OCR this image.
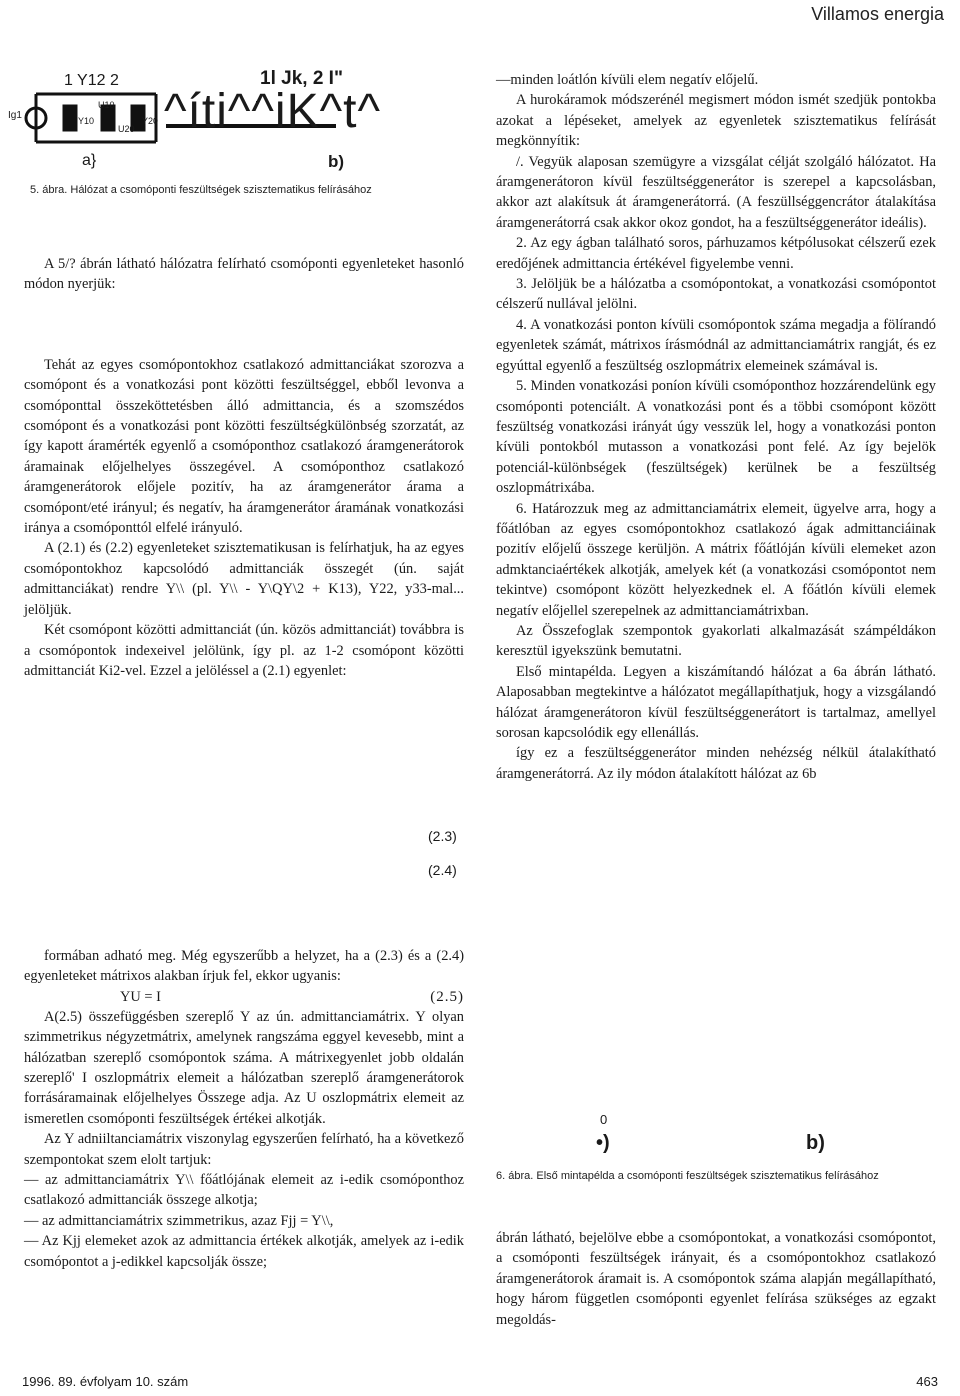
Villamos energia
1 Y12 2	1l Jk, 2 I"
^íti^^iK^t^
Ig1	Y10
U10
U20
Y20
a}	b)
5. ábra. Hálózat a csomóponti feszültségek szisztematikus felírásához

A 5/? ábrán látható hálózatra felírható csomóponti egyenleteket hasonló módon nyerjük:

Tehát az egyes csomópontokhoz csatlakozó admittanciákat szorozva a csomópont és a vonatkozási pont közötti feszültséggel, ebből levonva a csomóponttal összeköttetésben álló admittancia, és a szomszédos csomópont és a vonatkozási pont közötti feszültségkülönbség szorzatát, az így kapott áramérték egyenlő a csomóponthoz csatlakozó áramgenerátorok áramainak előjelhelyes összegével. A csomóponthoz csatlakozó áramgenerátorok előjele pozitív, ha az áramgenerátor árama a csomópont/eté irányul; és negatív, ha áramgenerátor áramának vonatkozási iránya a csomóponttól elfelé irányuló.

A (2.1) és (2.2) egyenleteket szisztematikusan is felírhatjuk, ha az egyes csomópontokhoz kapcsolódó admittanciák összegét (ún. saját admittanciákat) rendre Y\\ (pl. Y\\ - Y\QY\2 + K13), Y22, y33-mal... jelöljük.

Két csomópont közötti admittanciát (ún. közös admittanciát) továbbra is a csomópontok indexeivel jelölünk, így pl. az 1-2 csomópont közötti admittanciát Ki2-vel. Ezzel a jelöléssel a (2.1) egyenlet:

(2.3)
(2.4)

formában adható meg. Még egyszerűbb a helyzet, ha a (2.3) és a (2.4) egyenleteket mátrixos alakban írjuk fel, ekkor ugyanis:

YU = I	(2.5)

A(2.5) összefüggésben szereplő Y az ún. admittanciamátrix. Y olyan szimmetrikus négyzetmátrix, amelynek rangszáma eggyel kevesebb, mint a hálózatban szereplő csomópontok száma. A mátrixegyenlet jobb oldalán szereplő' I oszlopmátrix elemeit a hálózatban szereplő áramgenerátorok forrásáramainak előjelhelyes Összege adja. Az U oszlopmátrix elemeit az ismeretlen csomóponti feszültségek értékei alkotják.

Az Y adniiltanciamátrix viszonylag egyszerűen felírható, ha a következő szempontokat szem elolt tartjuk:

— az admittanciamátrix Y\\ főátlójának elemeit az i-edik csomóponthoz csatlakozó admittanciák összege alkotja;

— az admittanciamátrix szimmetrikus, azaz Fjj = Y\\,

— Az Kjj elemeket azok az admittancia értékek alkotják, amelyek az i-edik csomópontot a j-edikkel kapcsolják össze;

—minden loátlón kívüli elem negatív előjelű.

A hurokáramok módszerénél megismert módon ismét szedjük pontokba azokat a lépéseket, amelyek az egyenletek szisztematikus felírását megkönnyítik:

/. Vegyük alaposan szemügyre a vizsgálat célját szolgáló hálózatot. Ha áramgenerátoron kívül feszültséggenerátor is szerepel a kapcsolásban, akkor azt alakítsuk át áramgenerátorrá. (A feszüllséggencrátor átalakítása áramgenerátorrá csak akkor okoz gondot, ha a feszültséggenerátor ideális).

2. Az egy ágban található soros, párhuzamos kétpólusokat célszerű ezek eredőjének admittancia értékével figyelembe venni.

3. Jelöljük be a hálózatba a csomópontokat, a vonatkozási csomópontot célszerű nullával jelölni.

4. A vonatkozási ponton kívüli csomópontok száma megadja a fölírandó egyenletek számát, mátrixos írásmódnál az admittanciamátrix rangját, és ez egyúttal egyenlő a feszültség oszlopmátrix elemeinek számával is.

5. Minden vonatkozási poníon kívüli csomóponthoz hozzárendelünk egy csomóponti potenciált. A vonatkozási pont és a többi csomópont között feszültség vonatkozási irányát úgy vesszük lel, hogy a vonatkozási ponton kívüli pontokból mutasson a vonatkozási pont felé. Az így bejelök potenciál-különbségek (feszültségek) kerülnek be a feszültség oszlopmátrixába.

6. Határozzuk meg az admittanciamátrix elemeit, ügyelve arra, hogy a főátlóban az egyes csomópontokhoz csatlakozó ágak admittanciáinak pozitív előjelű összege kerüljön. A mátrix főátlóján kívüli elemeket azon admktanciaértékek alkotják, amelyek két (a vonatkozási csomópontot nem tekintve) csomópont között helyezkednek el. A főátlón kívüli elemek negatív előjellel szerepelnek az admittanciamátrixban.

Az Összefoglak szempontok gyakorlati alkalmazását számpéldákon keresztül igyekszünk bemutatni.

Első mintapélda. Legyen a kiszámítandó hálózat a 6a ábrán látható. Alaposabban megtekintve a hálózatot megállapíthatjuk, hogy a vizsgálandó hálózat áramgenerátoron kívül feszültséggenerátort is tartalmaz, amellyel sorosan kapcsolódik egy ellenállás.

így ez a feszültséggenerátor minden nehézség nélkül átalakítható áramgenerátorrá. Az ily módon átalakított hálózat az 6b

0
•)	b)
6. ábra. Első mintapélda a csomóponti feszültségek szisztematikus felírásához

ábrán látható, bejelölve ebbe a csomópontokat, a vonatkozási csomópontot, a csomóponti feszültségek irányait, és a csomópontokhoz csatlakozó áramgenerátorok áramait is. A csomópontok száma alapján megállapítható, hogy három független csomóponti egyenlet felírása szükséges az egzakt megoldás-

1996. 89. évfolyam 10. szám	463
